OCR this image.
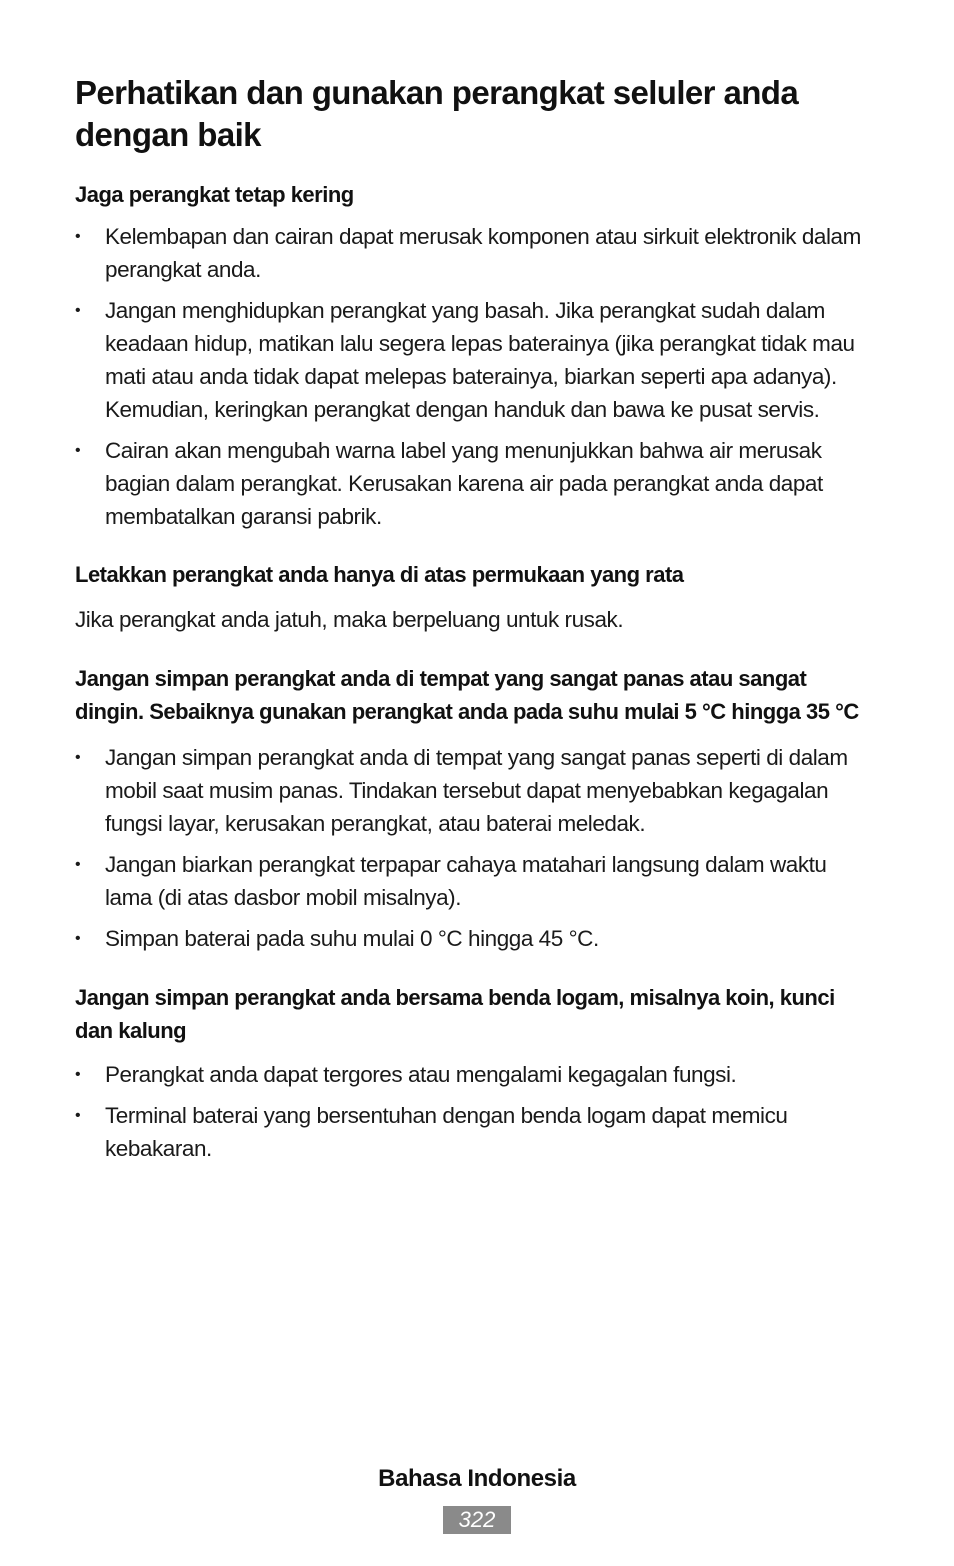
Perhatikan dan gunakan perangkat seluler anda dengan baik
Jaga perangkat tetap kering
•	Kelembapan dan cairan dapat merusak komponen atau sirkuit elektronik dalam perangkat anda.
•	Jangan menghidupkan perangkat yang basah. Jika perangkat sudah dalam keadaan hidup, matikan lalu segera lepas baterainya (jika perangkat tidak mau mati atau anda tidak dapat melepas baterainya, biarkan seperti apa adanya). Kemudian, keringkan perangkat dengan handuk dan bawa ke pusat servis.
•	Cairan akan mengubah warna label yang menunjukkan bahwa air merusak bagian dalam perangkat. Kerusakan karena air pada perangkat anda dapat membatalkan garansi pabrik.
Letakkan perangkat anda hanya di atas permukaan yang rata

Jika perangkat anda jatuh, maka berpeluang untuk rusak.

Jangan simpan perangkat anda di tempat yang sangat panas atau sangat dingin. Sebaiknya gunakan perangkat anda pada suhu mulai 5 °C hingga 35 °C
•	Jangan simpan perangkat anda di tempat yang sangat panas seperti di dalam mobil saat musim panas. Tindakan tersebut dapat menyebabkan kegagalan fungsi layar, kerusakan perangkat, atau baterai meledak.
•	Jangan biarkan perangkat terpapar cahaya matahari langsung dalam waktu lama (di atas dasbor mobil misalnya).
•	Simpan baterai pada suhu mulai 0 °C hingga 45 °C.
Jangan simpan perangkat anda bersama benda logam, misalnya koin, kunci dan kalung
•	Perangkat anda dapat tergores atau mengalami kegagalan fungsi.
•	Terminal baterai yang bersentuhan dengan benda logam dapat memicu kebakaran.
Bahasa Indonesia
322
